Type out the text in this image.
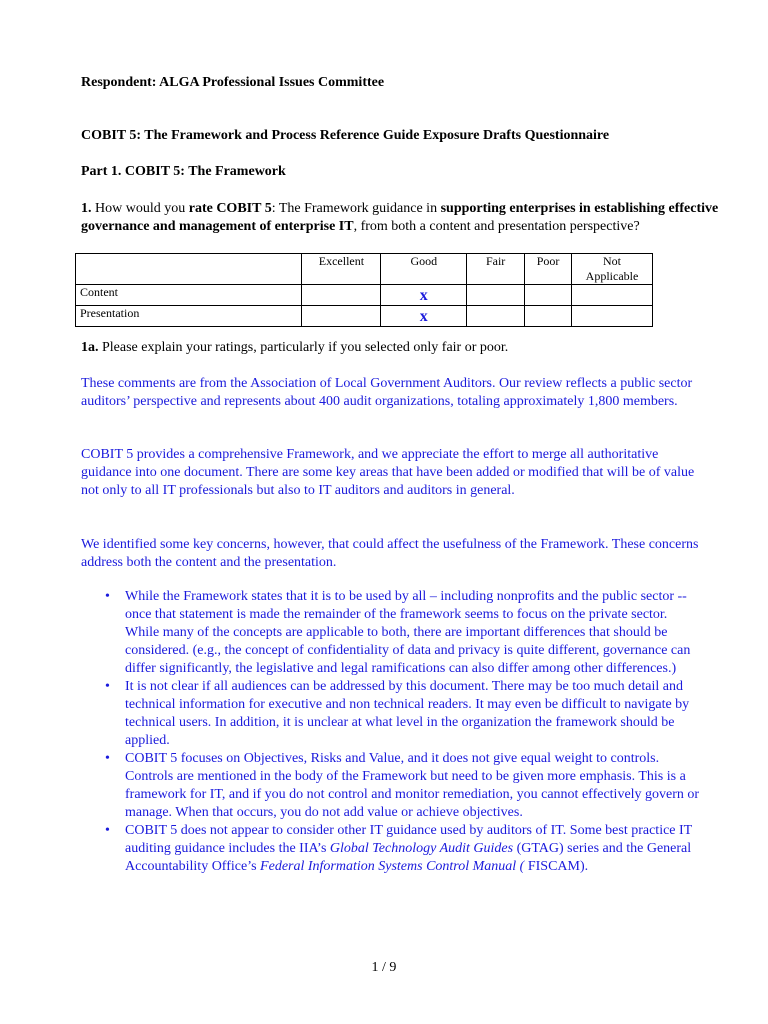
Respondent: ALGA Professional Issues Committee

COBIT 5: The Framework and Process Reference Guide Exposure Drafts Questionnaire

Part 1. COBIT 5: The Framework

1. How would you rate COBIT 5: The Framework guidance in supporting enterprises in establishing effective governance and management of enterprise IT, from both a content and presentation perspective?

	Excellent	Good	Fair	Poor	Not Applicable
Content		x			
Presentation		x			

1a. Please explain your ratings, particularly if you selected only fair or poor.

These comments are from the Association of Local Government Auditors. Our review reflects a public sector auditors’ perspective and represents about 400 audit organizations, totaling approximately 1,800 members.

COBIT 5 provides a comprehensive Framework, and we appreciate the effort to merge all authoritative guidance into one document. There are some key areas that have been added or modified that will be of value not only to all IT professionals but also to IT auditors and auditors in general.

We identified some key concerns, however, that could affect the usefulness of the Framework. These concerns address both the content and the presentation.

• While the Framework states that it is to be used by all – including nonprofits and the public sector -- once that statement is made the remainder of the framework seems to focus on the private sector. While many of the concepts are applicable to both, there are important differences that should be considered. (e.g., the concept of confidentiality of data and privacy is quite different, governance can differ significantly, the legislative and legal ramifications can also differ among other differences.)
• It is not clear if all audiences can be addressed by this document. There may be too much detail and technical information for executive and non technical readers. It may even be difficult to navigate by technical users. In addition, it is unclear at what level in the organization the framework should be applied.
• COBIT 5 focuses on Objectives, Risks and Value, and it does not give equal weight to controls. Controls are mentioned in the body of the Framework but need to be given more emphasis. This is a framework for IT, and if you do not control and monitor remediation, you cannot effectively govern or manage. When that occurs, you do not add value or achieve objectives.
• COBIT 5 does not appear to consider other IT guidance used by auditors of IT. Some best practice IT auditing guidance includes the IIA’s Global Technology Audit Guides (GTAG) series and the General Accountability Office’s Federal Information Systems Control Manual ( FISCAM).
1 / 9
